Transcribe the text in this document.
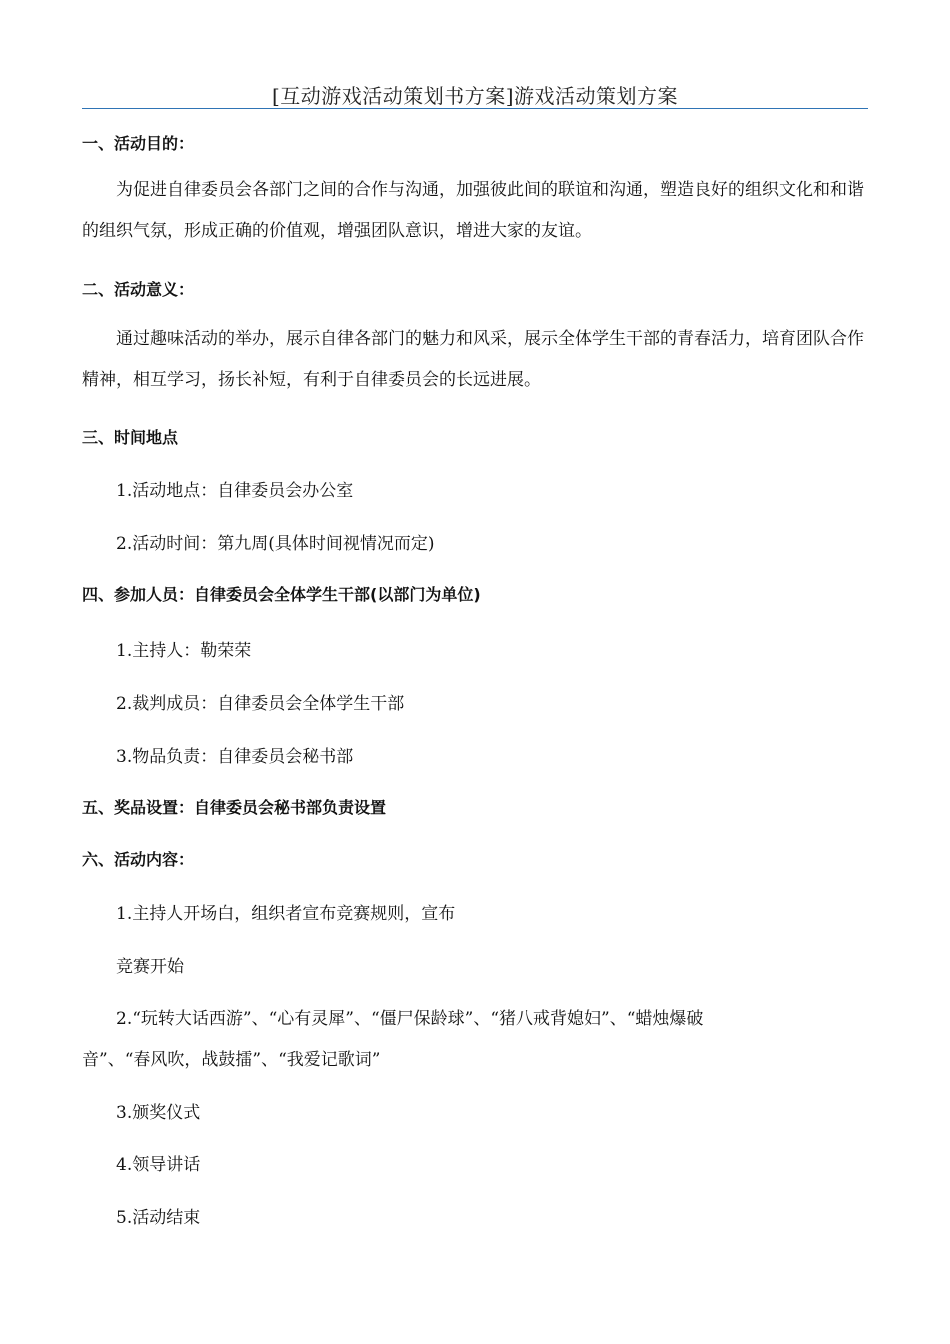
[互动游戏活动策划书方案]游戏活动策划方案
一、活动目的：

为促进自律委员会各部门之间的合作与沟通，加强彼此间的联谊和沟通，塑造良好的组织文化和和谐的组织气氛，形成正确的价值观，增强团队意识，增进大家的友谊。

二、活动意义：

通过趣味活动的举办，展示自律各部门的魅力和风采，展示全体学生干部的青春活力，培育团队合作精神，相互学习，扬长补短，有利于自律委员会的长远进展。

三、时间地点

1.活动地点：自律委员会办公室

2.活动时间：第九周(具体时间视情况而定)

四、参加人员：自律委员会全体学生干部(以部门为单位)

1.主持人：勒荣荣

2.裁判成员：自律委员会全体学生干部

3.物品负责：自律委员会秘书部

五、奖品设置：自律委员会秘书部负责设置
六、活动内容：

1.主持人开场白，组织者宣布竞赛规则，宣布

竞赛开始

2.“玩转大话西游”、“心有灵犀”、“僵尸保龄球”、“猪八戒背媳妇”、“蜡烛爆破

音”、“春风吹，战鼓擂”、“我爱记歌词”

3.颁奖仪式

4.领导讲话

5.活动结束
